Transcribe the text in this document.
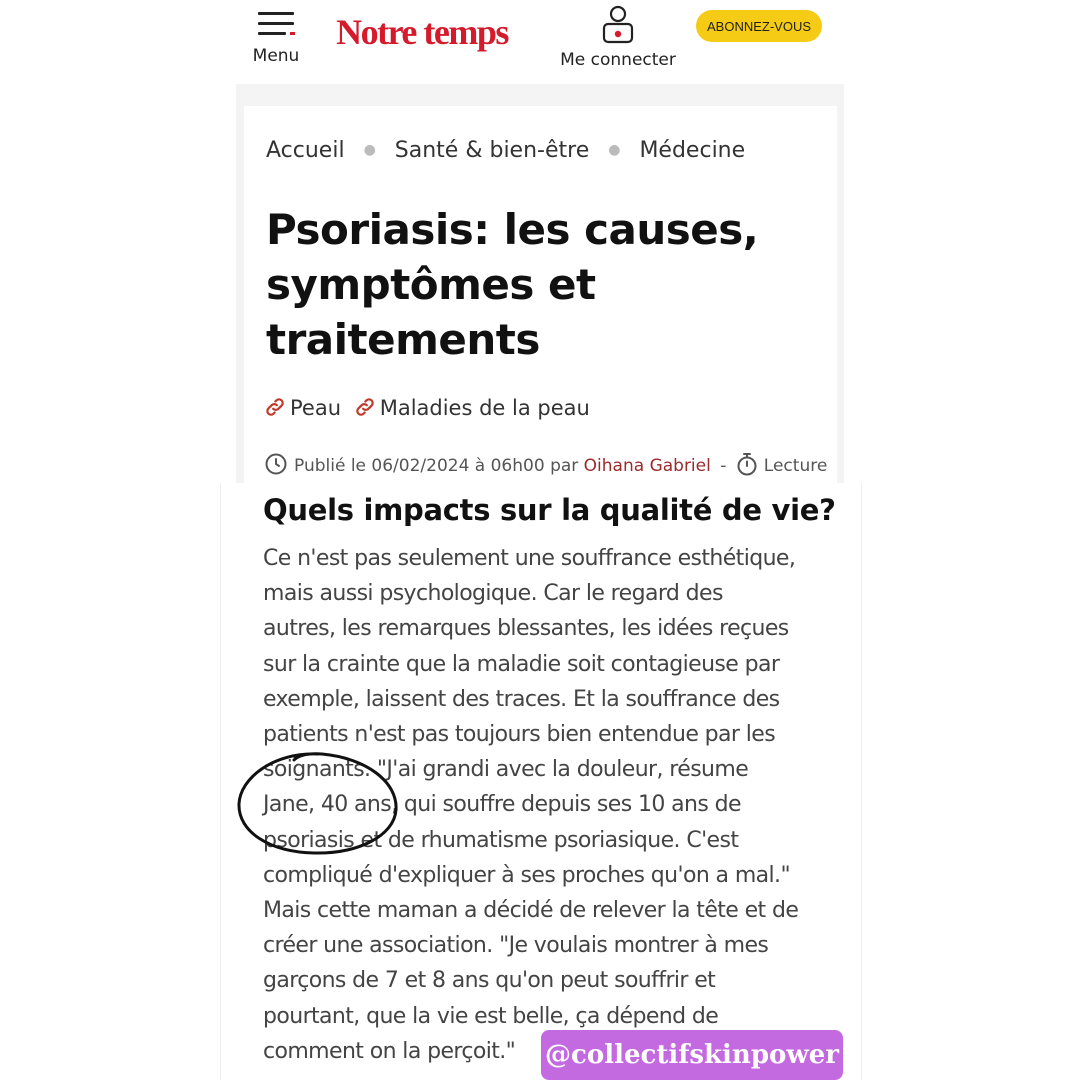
Menu
Notre temps
Me connecter
ABONNEZ-VOUS
Accueil ● Santé & bien-être ● Médecine
Psoriasis: les causes, symptômes et traitements
Peau Maladies de la peau
Publié le 06/02/2024 à 06h00 par Oihana Gabriel - Lecture
Quels impacts sur la qualité de vie?

Ce n'est pas seulement une souffrance esthétique,
mais aussi psychologique. Car le regard des
autres, les remarques blessantes, les idées reçues
sur la crainte que la maladie soit contagieuse par
exemple, laissent des traces. Et la souffrance des
patients n'est pas toujours bien entendue par les
soignants. "J'ai grandi avec la douleur, résume
Jane, 40 ans, qui souffre depuis ses 10 ans de
psoriasis et de rhumatisme psoriasique. C'est
compliqué d'expliquer à ses proches qu'on a mal."
Mais cette maman a décidé de relever la tête et de
créer une association. "Je voulais montrer à mes
garçons de 7 et 8 ans qu'on peut souffrir et
pourtant, que la vie est belle, ça dépend de
comment on la perçoit."	@collectifskinpower
